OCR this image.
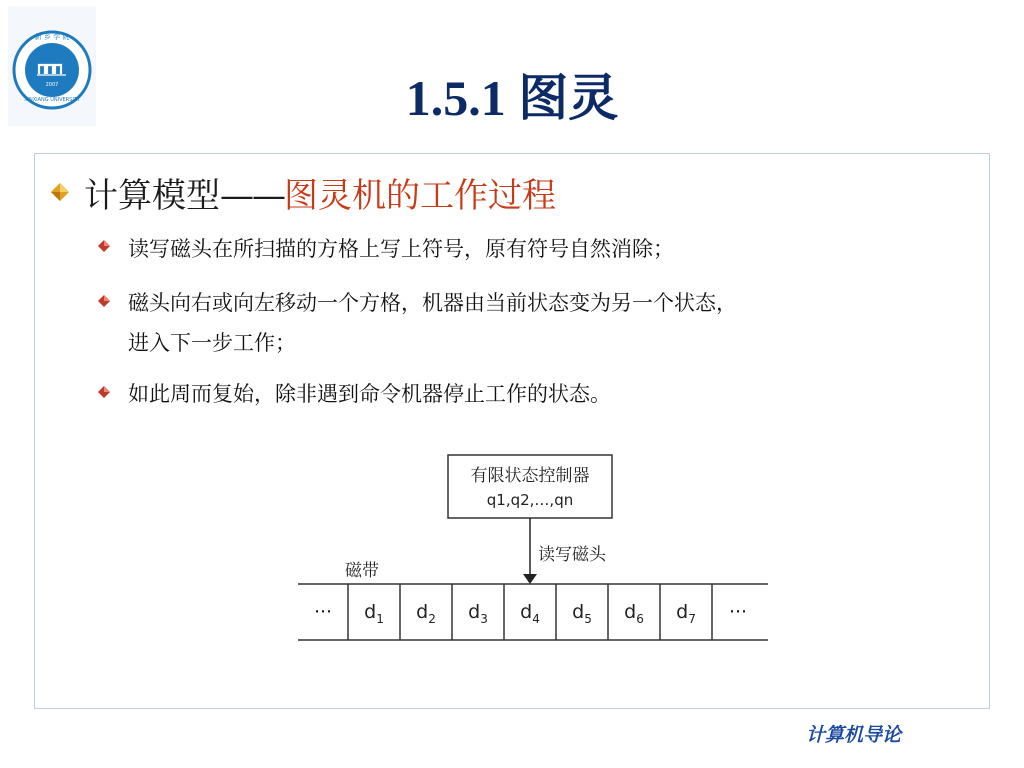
新 乡 学 院
XINXIANG UNIVERSITY
2007	1.5.1 图灵
计算模型——图灵机的工作过程
读写磁头在所扫描的方格上写上符号，原有符号自然消除；
磁头向右或向左移动一个方格，机器由当前状态变为另一个状态，
进入下一步工作；
如此周而复始，除非遇到命令机器停止工作的状态。
有限状态控制器
q1,q2,…,qn
读写磁头
磁带
··· $d_1$ $d_2$ $d_3$ $d_4$ $d_5$ $d_6$ $d_7$ ···
计算机导论
